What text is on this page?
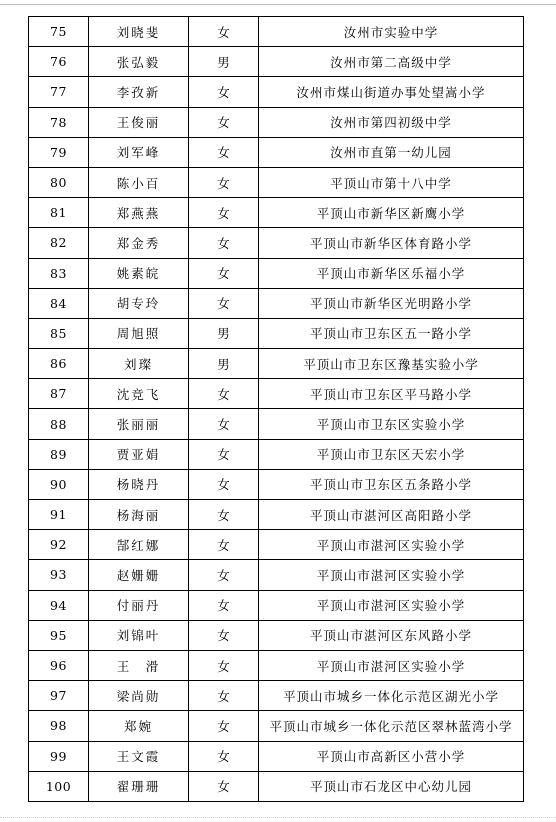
75	刘晓斐	女	汝州市实验中学
76	张弘毅	男	汝州市第二高级中学
77	李孜新	女	汝州市煤山街道办事处望嵩小学
78	王俊丽	女	汝州市第四初级中学
79	刘军峰	女	汝州市直第一幼儿园
80	陈小百	女	平顶山市第十八中学
81	郑燕燕	女	平顶山市新华区新鹰小学
82	郑金秀	女	平顶山市新华区体育路小学
83	姚素皖	女	平顶山市新华区乐福小学
84	胡专玲	女	平顶山市新华区光明路小学
85	周旭照	男	平顶山市卫东区五一路小学
86	刘璨	男	平顶山市卫东区豫基实验小学
87	沈竞飞	女	平顶山市卫东区平马路小学
88	张丽丽	女	平顶山市卫东区实验小学
89	贾亚娟	女	平顶山市卫东区天宏小学
90	杨晓丹	女	平顶山市卫东区五条路小学
91	杨海丽	女	平顶山市湛河区高阳路小学
92	郜红娜	女	平顶山市湛河区实验小学
93	赵姗姗	女	平顶山市湛河区实验小学
94	付丽丹	女	平顶山市湛河区实验小学
95	刘锦叶	女	平顶山市湛河区东风路小学
96	王　滑	女	平顶山市湛河区实验小学
97	梁尚勋	女	平顶山市城乡一体化示范区湖光小学
98	郑婉	女	平顶山市城乡一体化示范区翠林蓝湾小学
99	王文霞	女	平顶山市高新区小营小学
100	翟珊珊	女	平顶山市石龙区中心幼儿园
